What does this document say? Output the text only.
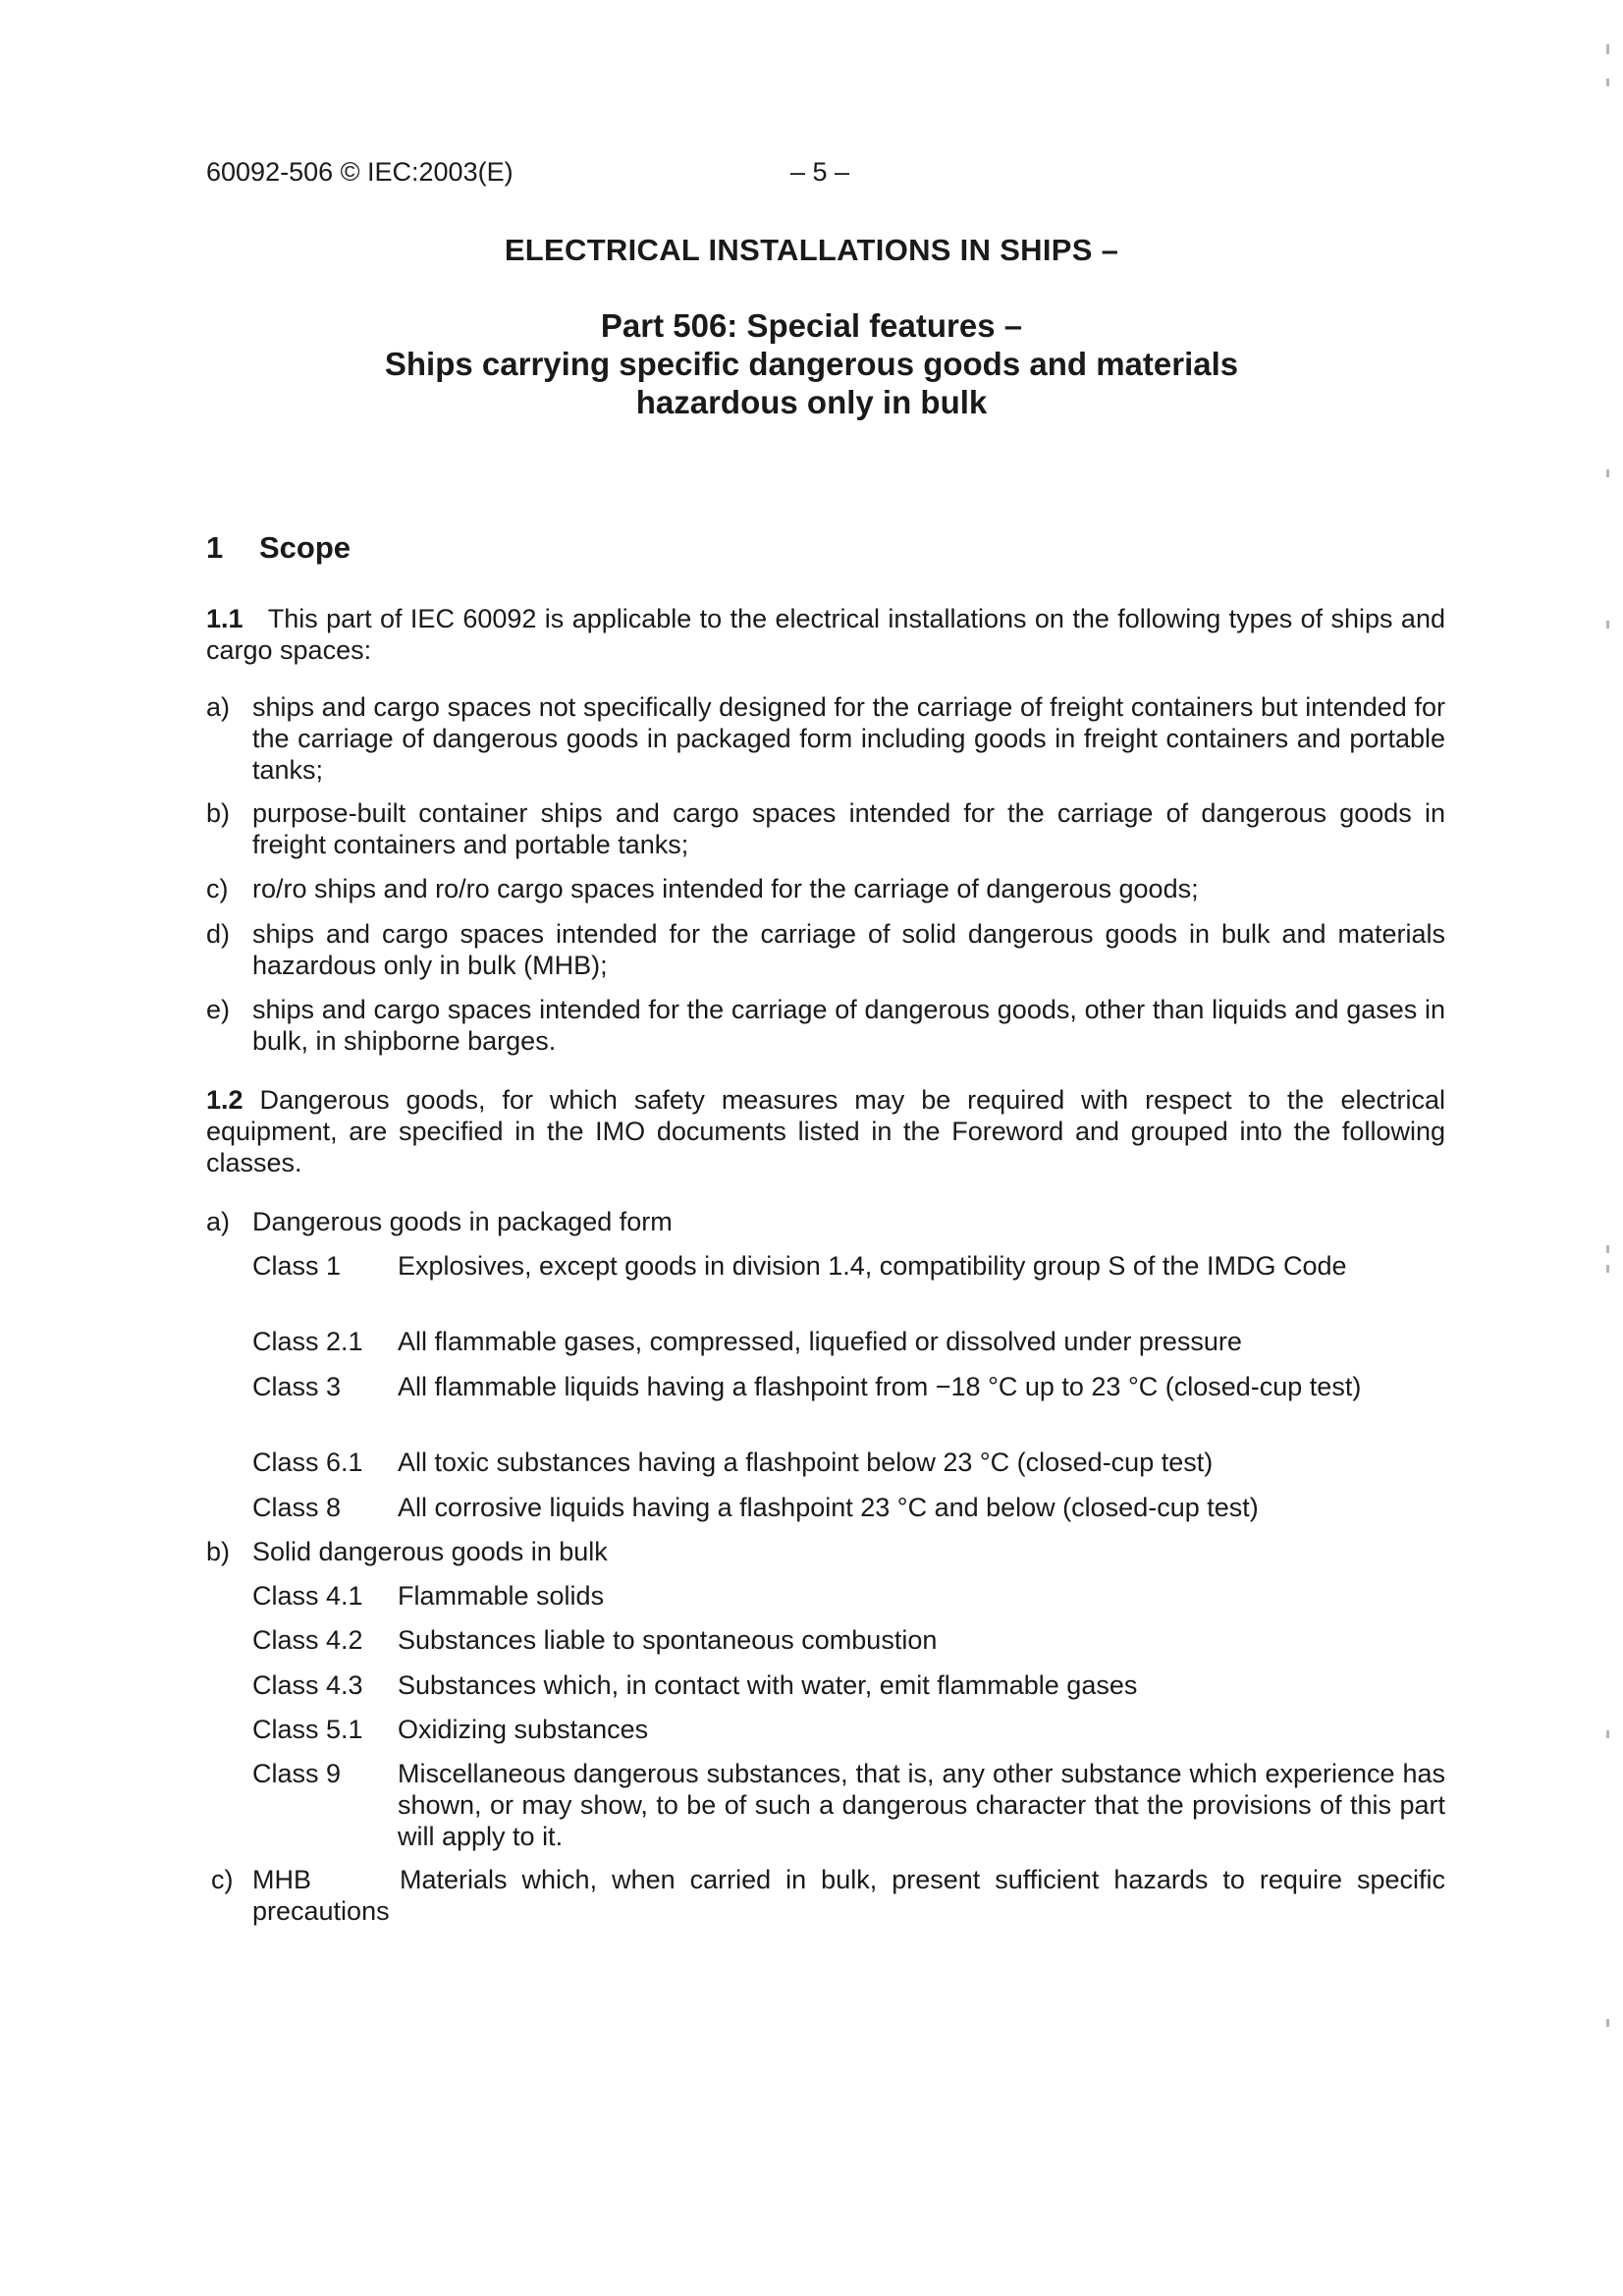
60092-506 © IEC:2003(E)	– 5 –
ELECTRICAL INSTALLATIONS IN SHIPS –
Part 506: Special features –
Ships carrying specific dangerous goods and materials
hazardous only in bulk
1 Scope
1.1 This part of IEC 60092 is applicable to the electrical installations on the following types of ships and cargo spaces:
a) ships and cargo spaces not specifically designed for the carriage of freight containers but intended for the carriage of dangerous goods in packaged form including goods in freight containers and portable tanks;
b) purpose-built container ships and cargo spaces intended for the carriage of dangerous goods in freight containers and portable tanks;
c) ro/ro ships and ro/ro cargo spaces intended for the carriage of dangerous goods;
d) ships and cargo spaces intended for the carriage of solid dangerous goods in bulk and materials hazardous only in bulk (MHB);
e) ships and cargo spaces intended for the carriage of dangerous goods, other than liquids and gases in bulk, in shipborne barges.
1.2 Dangerous goods, for which safety measures may be required with respect to the electrical equipment, are specified in the IMO documents listed in the Foreword and grouped into the following classes.
a) Dangerous goods in packaged form
Class 1	Explosives, except goods in division 1.4, compatibility group S of the IMDG Code
Class 2.1	All flammable gases, compressed, liquefied or dissolved under pressure
Class 3	All flammable liquids having a flashpoint from −18 °C up to 23 °C (closed-cup test)
Class 6.1	All toxic substances having a flashpoint below 23 °C (closed-cup test)
Class 8	All corrosive liquids having a flashpoint 23 °C and below (closed-cup test)
b) Solid dangerous goods in bulk
Class 4.1	Flammable solids
Class 4.2	Substances liable to spontaneous combustion
Class 4.3	Substances which, in contact with water, emit flammable gases
Class 5.1	Oxidizing substances
Class 9	Miscellaneous dangerous substances, that is, any other substance which experience has shown, or may show, to be of such a dangerous character that the provisions of this part will apply to it.
c) MHB	Materials which, when carried in bulk, present sufficient hazards to require specific precautions
